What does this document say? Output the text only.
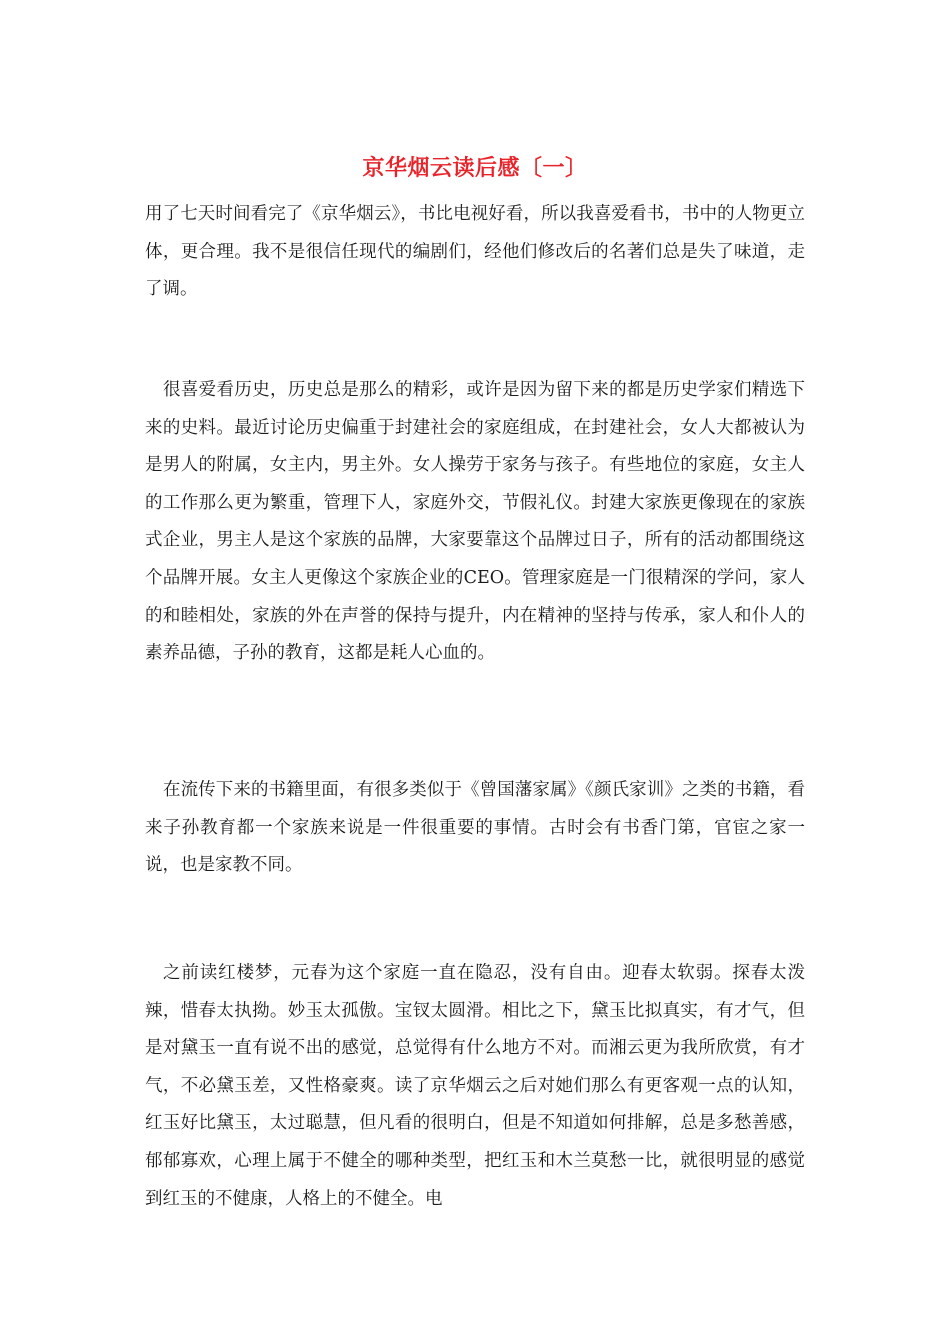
京华烟云读后感〔一〕

用了七天时间看完了《京华烟云》，书比电视好看，所以我喜爱看书，书中的人物更立体，更合理。我不是很信任现代的编剧们，经他们修改后的名著们总是失了味道，走了调。

很喜爱看历史，历史总是那么的精彩，或许是因为留下来的都是历史学家们精选下来的史料。最近讨论历史偏重于封建社会的家庭组成，在封建社会，女人大都被认为是男人的附属，女主内，男主外。女人操劳于家务与孩子。有些地位的家庭，女主人的工作那么更为繁重，管理下人，家庭外交，节假礼仪。封建大家族更像现在的家族式企业，男主人是这个家族的品牌，大家要靠这个品牌过日子，所有的活动都围绕这个品牌开展。女主人更像这个家族企业的CEO。管理家庭是一门很精深的学问，家人的和睦相处，家族的外在声誉的保持与提升，内在精神的坚持与传承，家人和仆人的素养品德，子孙的教育，这都是耗人心血的。

在流传下来的书籍里面，有很多类似于《曾国藩家属》《颜氏家训》之类的书籍，看来子孙教育都一个家族来说是一件很重要的事情。古时会有书香门第，官宦之家一说，也是家教不同。

之前读红楼梦，元春为这个家庭一直在隐忍，没有自由。迎春太软弱。探春太泼辣，惜春太执拗。妙玉太孤傲。宝钗太圆滑。相比之下，黛玉比拟真实，有才气，但是对黛玉一直有说不出的感觉，总觉得有什么地方不对。而湘云更为我所欣赏，有才气，不必黛玉差，又性格豪爽。读了京华烟云之后对她们那么有更客观一点的认知，红玉好比黛玉，太过聪慧，但凡看的很明白，但是不知道如何排解，总是多愁善感，郁郁寡欢，心理上属于不健全的哪种类型，把红玉和木兰莫愁一比，就很明显的感觉到红玉的不健康，人格上的不健全。电
